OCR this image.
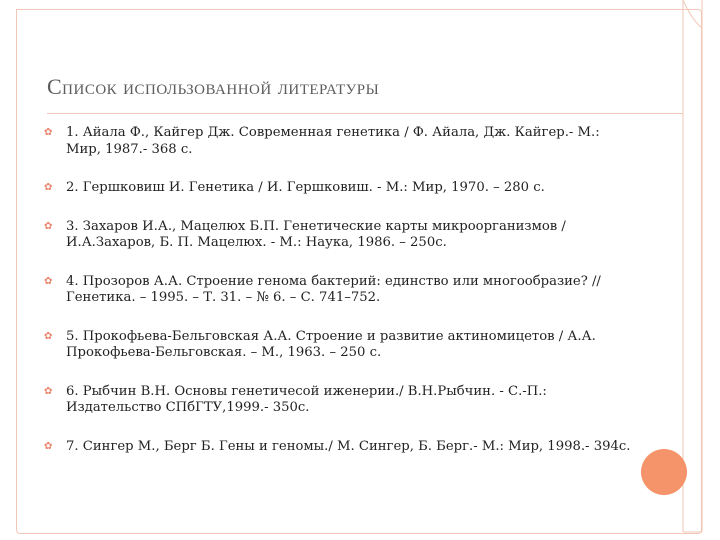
Список использованной литературы
✿ 1. Айала Ф., Кайгер Дж. Современная генетика / Ф. Айала, Дж. Кайгер.- М.: Мир, 1987.- 368 с.
✿ 2. Гершковиш И. Генетика / И. Гершковиш. - М.: Мир, 1970. – 280 с.
✿ 3. Захаров И.А., Мацелюх Б.П. Генетические карты микроорганизмов / И.А.Захаров, Б. П. Мацелюх. - М.: Наука, 1986. – 250с.
✿ 4. Прозоров А.А. Строение генома бактерий: единство или многообразие? // Генетика. – 1995. – Т. 31. – № 6. – С. 741–752.
✿ 5. Прокофьева-Бельговская А.А. Строение и развитие актиномицетов / А.А. Прокофьева-Бельговская. – М., 1963. – 250 с.
✿ 6. Рыбчин В.Н. Основы генетичесой иженерии./ В.Н.Рыбчин. - С.-П.: Издательство СПбГТУ,1999.- 350с.
✿ 7. Сингер М., Берг Б. Гены и геномы./ М. Сингер, Б. Берг.- М.: Мир, 1998.- 394с.
